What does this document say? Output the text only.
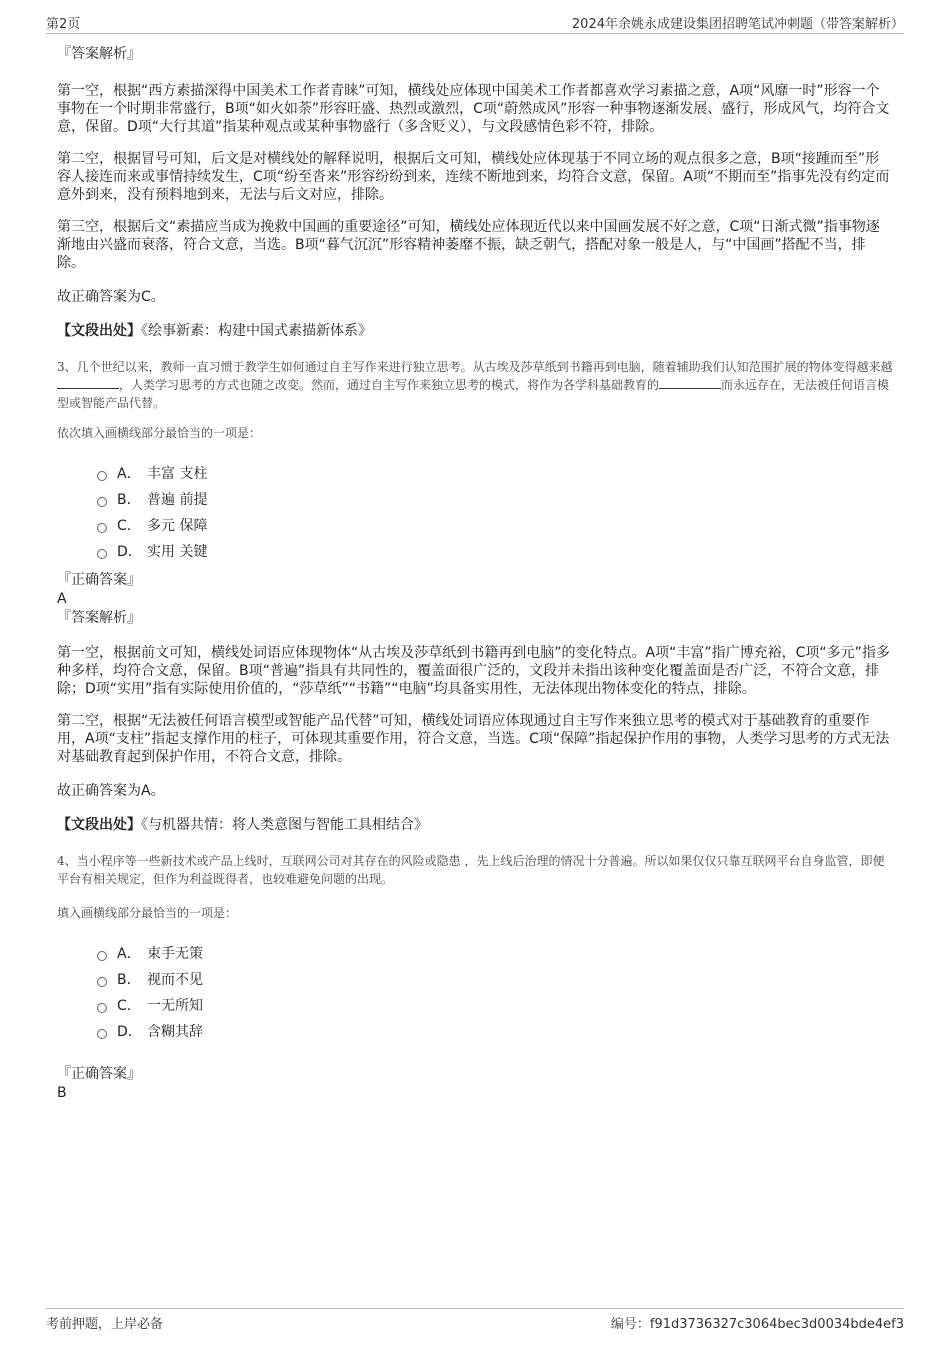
第2页	2024年余姚永成建设集团招聘笔试冲刺题（带答案解析）

『答案解析』

第一空，根据“西方素描深得中国美术工作者青睐”可知，横线处应体现中国美术工作者都喜欢学习素描之意，A项“风靡一时”形容一个事物在一个时期非常盛行，B项“如火如荼”形容旺盛、热烈或激烈，C项“蔚然成风”形容一种事物逐渐发展、盛行，形成风气，均符合文意，保留。D项“大行其道”指某种观点或某种事物盛行（多含贬义），与文段感情色彩不符，排除。

第二空，根据冒号可知，后文是对横线处的解释说明，根据后文可知，横线处应体现基于不同立场的观点很多之意，B项“接踵而至”形容人接连而来或事情持续发生，C项“纷至沓来”形容纷纷到来，连续不断地到来，均符合文意，保留。A项“不期而至”指事先没有约定而意外到来，没有预料地到来，无法与后文对应，排除。

第三空，根据后文“素描应当成为挽救中国画的重要途径”可知，横线处应体现近代以来中国画发展不好之意，C项“日渐式微”指事物逐渐地由兴盛而衰落，符合文意，当选。B项“暮气沉沉”形容精神萎靡不振，缺乏朝气，搭配对象一般是人，与“中国画”搭配不当，排除。

故正确答案为C。

【文段出处】《绘事新素：构建中国式素描新体系》

3、几个世纪以来，教师一直习惯于教学生如何通过自主写作来进行独立思考。从古埃及莎草纸到书籍再到电脑，随着辅助我们认知范围扩展的物体变得越来越，人类学习思考的方式也随之改变。然而，通过自主写作来独立思考的模式，将作为各学科基础教育的	而永远存在，无法被任何语言模型或智能产品代替。

依次填入画横线部分最恰当的一项是：

A． 丰富 支柱
B． 普遍 前提
C． 多元 保障
D． 实用 关键

『正确答案』

A

『答案解析』

第一空，根据前文可知，横线处词语应体现物体“从古埃及莎草纸到书籍再到电脑”的变化特点。A项“丰富”指广博充裕，C项“多元”指多种多样，均符合文意，保留。B项“普遍”指具有共同性的，覆盖面很广泛的，文段并未指出该种变化覆盖面是否广泛，不符合文意，排除；D项“实用”指有实际使用价值的，“莎草纸”“书籍”“电脑”均具备实用性，无法体现出物体变化的特点，排除。

第二空，根据“无法被任何语言模型或智能产品代替”可知，横线处词语应体现通过自主写作来独立思考的模式对于基础教育的重要作用，A项“支柱”指起支撑作用的柱子，可体现其重要作用，符合文意，当选。C项“保障”指起保护作用的事物，人类学习思考的方式无法对基础教育起到保护作用，不符合文意，排除。

故正确答案为A。

【文段出处】《与机器共情：将人类意图与智能工具相结合》

4、当小程序等一些新技术或产品上线时，互联网公司对其存在的风险或隐患 ，先上线后治理的情况十分普遍。所以如果仅仅只靠互联网平台自身监管，即便平台有相关规定，但作为利益既得者，也较难避免问题的出现。

填入画横线部分最恰当的一项是：

A． 束手无策
B． 视而不见
C． 一无所知
D． 含糊其辞

『正确答案』

B

考前押题，上岸必备	编号：f91d3736327c3064bec3d0034bde4ef3
